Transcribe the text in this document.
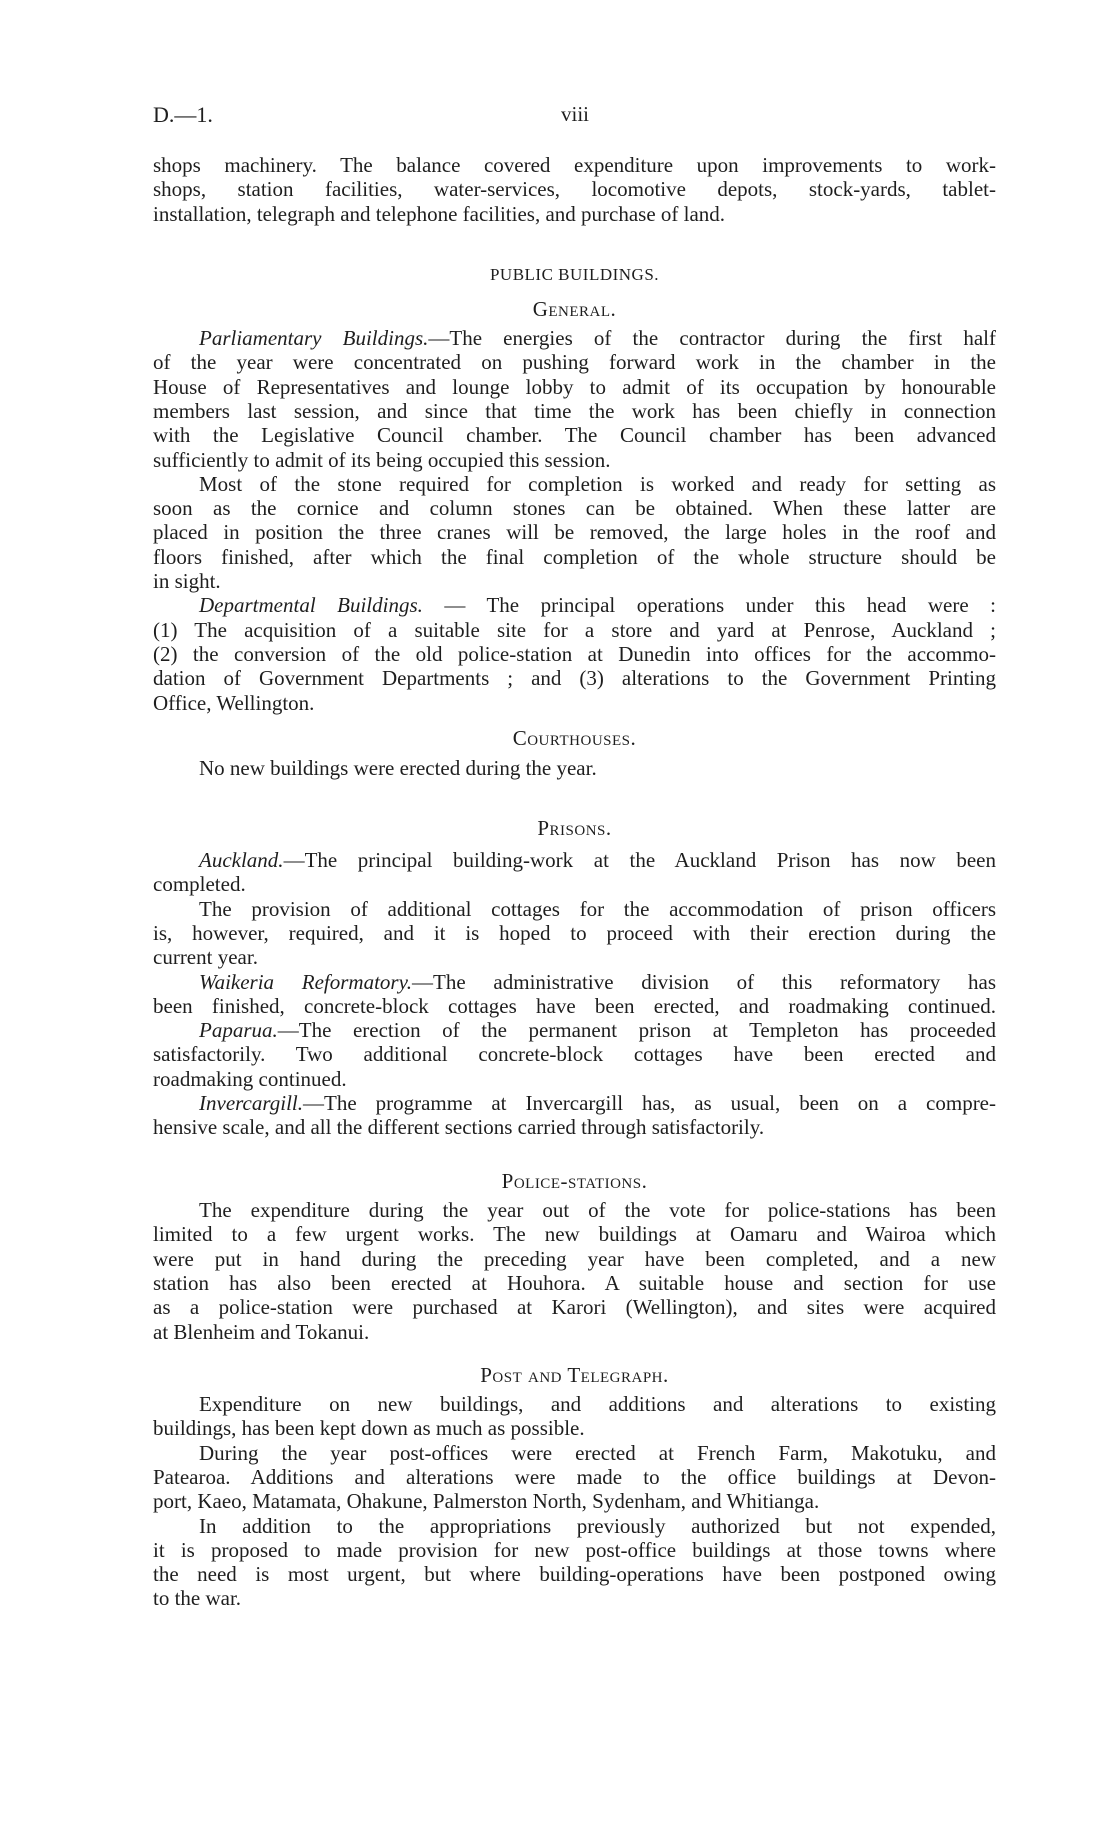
D.—1.	viii
shops machinery. The balance covered expenditure upon improvements to work-
shops, station facilities, water-services, locomotive depots, stock-yards, tablet-
installation, telegraph and telephone facilities, and purchase of land.
PUBLIC BUILDINGS.
General.
Parliamentary Buildings.—The energies of the contractor during the first half
of the year were concentrated on pushing forward work in the chamber in the
House of Representatives and lounge lobby to admit of its occupation by honourable
members last session, and since that time the work has been chiefly in connection
with the Legislative Council chamber. The Council chamber has been advanced
sufficiently to admit of its being occupied this session.
Most of the stone required for completion is worked and ready for setting as
soon as the cornice and column stones can be obtained. When these latter are
placed in position the three cranes will be removed, the large holes in the roof and
floors finished, after which the final completion of the whole structure should be
in sight.
Departmental Buildings. — The principal operations under this head were :
(1) The acquisition of a suitable site for a store and yard at Penrose, Auckland ;
(2) the conversion of the old police-station at Dunedin into offices for the accommo-
dation of Government Departments ; and (3) alterations to the Government Printing
Office, Wellington.
Courthouses.
No new buildings were erected during the year.
Prisons.
Auckland.—The principal building-work at the Auckland Prison has now been
completed.
The provision of additional cottages for the accommodation of prison officers
is, however, required, and it is hoped to proceed with their erection during the
current year.
Waikeria Reformatory.—The administrative division of this reformatory has
been finished, concrete-block cottages have been erected, and roadmaking continued.
Paparua.—The erection of the permanent prison at Templeton has proceeded
satisfactorily. Two additional concrete-block cottages have been erected and
roadmaking continued.
Invercargill.—The programme at Invercargill has, as usual, been on a compre-
hensive scale, and all the different sections carried through satisfactorily.
Police-stations.
The expenditure during the year out of the vote for police-stations has been
limited to a few urgent works. The new buildings at Oamaru and Wairoa which
were put in hand during the preceding year have been completed, and a new
station has also been erected at Houhora. A suitable house and section for use
as a police-station were purchased at Karori (Wellington), and sites were acquired
at Blenheim and Tokanui.
Post and Telegraph.
Expenditure on new buildings, and additions and alterations to existing
buildings, has been kept down as much as possible.
During the year post-offices were erected at French Farm, Makotuku, and
Patearoa. Additions and alterations were made to the office buildings at Devon-
port, Kaeo, Matamata, Ohakune, Palmerston North, Sydenham, and Whitianga.
In addition to the appropriations previously authorized but not expended,
it is proposed to made provision for new post-office buildings at those towns where
the need is most urgent, but where building-operations have been postponed owing
to the war.
